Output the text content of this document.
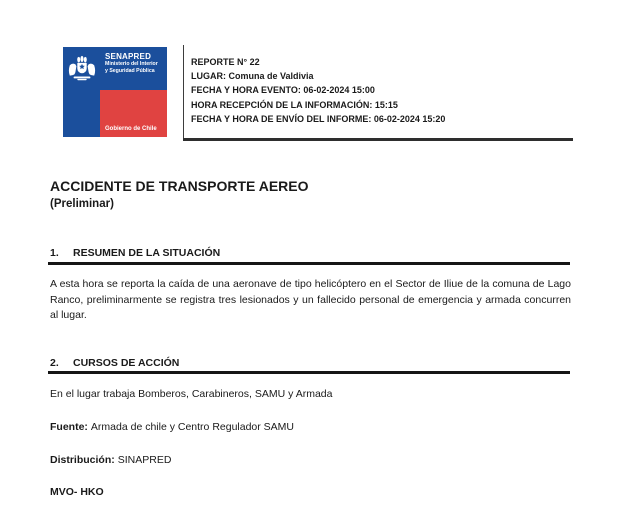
SENAPRED
Ministerio del Interior
y Seguridad Pública
Gobierno de Chile
REPORTE N° 22
LUGAR: Comuna de Valdivia
FECHA Y HORA EVENTO: 06-02-2024 15:00
HORA RECEPCIÓN DE LA INFORMACIÓN: 15:15
FECHA Y HORA DE ENVÍO DEL INFORME: 06-02-2024 15:20
ACCIDENTE DE TRANSPORTE AEREO
(Preliminar)
1. RESUMEN DE LA SITUACIÓN

A esta hora se reporta la caída de una aeronave de tipo helicóptero en el Sector de Iliue de la comuna de Lago Ranco, preliminarmente se registra tres lesionados y un fallecido personal de emergencia y armada concurren al lugar.

2. CURSOS DE ACCIÓN

En el lugar trabaja Bomberos, Carabineros, SAMU y Armada

Fuente: Armada de chile y Centro Regulador SAMU

Distribución: SINAPRED

MVO- HKO
